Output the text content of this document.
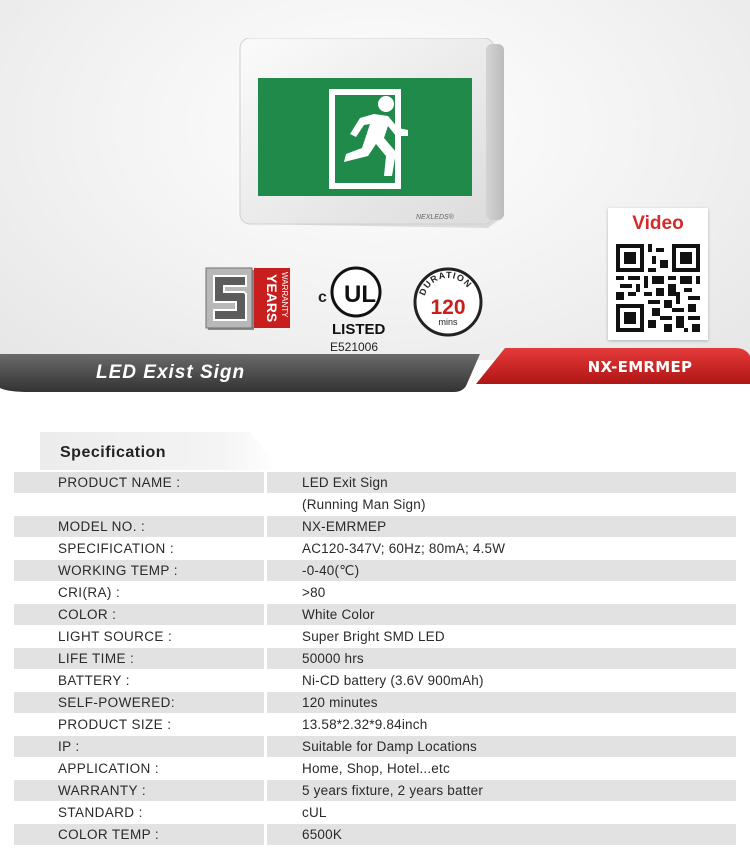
NEXLEDS®	Video
YEARS WARRANTY c UL
LISTED
E521006
DURATION
120
mins
LED Exist Sign	NX-EMRMEP
Specification
PRODUCT NAME :	LED Exit Sign
(Running Man Sign)
MODEL NO. :	NX-EMRMEP
SPECIFICATION :	AC120-347V; 60Hz; 80mA; 4.5W
WORKING TEMP :	-0-40(℃)
CRI(RA) :	>80
COLOR :	White Color
LIGHT SOURCE :	Super Bright SMD LED
LIFE TIME :	50000 hrs
BATTERY :	Ni-CD battery (3.6V 900mAh)
SELF-POWERED:	120 minutes
PRODUCT SIZE :	13.58*2.32*9.84inch
IP :	Suitable for Damp Locations
APPLICATION :	Home, Shop, Hotel...etc
WARRANTY :	5 years fixture, 2 years batter
STANDARD :	cUL
COLOR TEMP :	6500K
